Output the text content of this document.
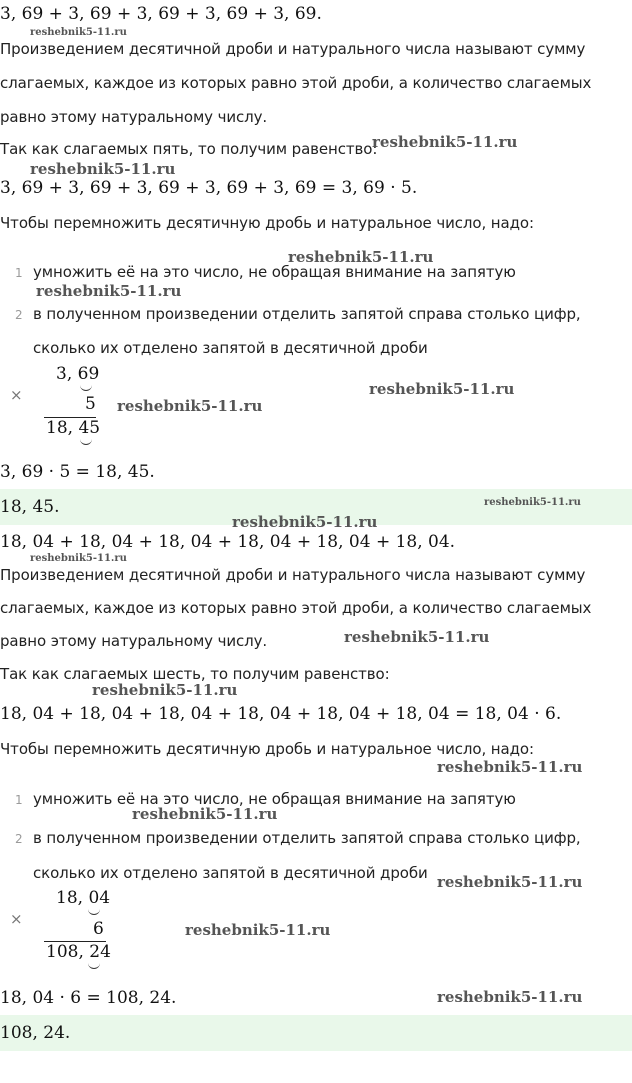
3, 69 + 3, 69 + 3, 69 + 3, 69 + 3, 69.
reshebnik5-11.ru
Произведением десятичной дроби и натурального числа называют сумму
слагаемых, каждое из которых равно этой дроби, а количество слагаемых
равно этому натуральному числу.
Так как слагаемых пять, то получим равенство:
reshebnik5-11.ru
reshebnik5-11.ru
3, 69 + 3, 69 + 3, 69 + 3, 69 + 3, 69 = 3, 69 · 5.
Чтобы перемножить десятичную дробь и натуральное число, надо:
reshebnik5-11.ru
1 умножить её на это число, не обращая внимание на запятую
reshebnik5-11.ru
2 в полученном произведении отделить запятой справа столько цифр,
сколько их отделено запятой в десятичной дроби
×
3, 69
5
18, 45
reshebnik5-11.ru
reshebnik5-11.ru
3, 69 · 5 = 18, 45.
18, 45.	reshebnik5-11.ru
reshebnik5-11.ru
18, 04 + 18, 04 + 18, 04 + 18, 04 + 18, 04 + 18, 04.
reshebnik5-11.ru
Произведением десятичной дроби и натурального числа называют сумму
слагаемых, каждое из которых равно этой дроби, а количество слагаемых
равно этому натуральному числу.	reshebnik5-11.ru
Так как слагаемых шесть, то получим равенство:
reshebnik5-11.ru
18, 04 + 18, 04 + 18, 04 + 18, 04 + 18, 04 + 18, 04 = 18, 04 · 6.
Чтобы перемножить десятичную дробь и натуральное число, надо:
reshebnik5-11.ru
1 умножить её на это число, не обращая внимание на запятую
reshebnik5-11.ru
2 в полученном произведении отделить запятой справа столько цифр,
сколько их отделено запятой в десятичной дроби reshebnik5-11.ru
×
18, 04
6
108, 24
reshebnik5-11.ru
18, 04 · 6 = 108, 24.	reshebnik5-11.ru
108, 24.
